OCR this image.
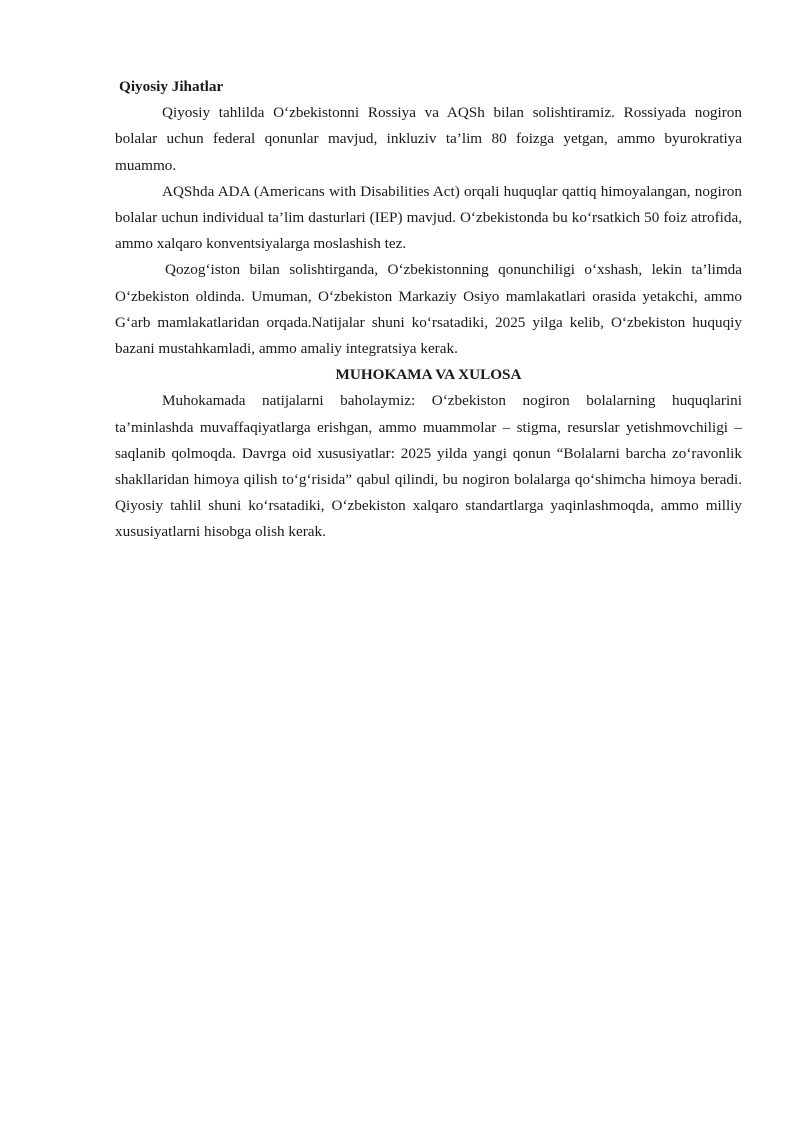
Qiyosiy Jihatlar

Qiyosiy tahlilda O‘zbekistonni Rossiya va AQSh bilan solishtiramiz. Rossiyada nogiron bolalar uchun federal qonunlar mavjud, inkluziv ta’lim 80 foizga yetgan, ammo byurokratiya muammo.

AQShda ADA (Americans with Disabilities Act) orqali huquqlar qattiq himoyalangan, nogiron bolalar uchun individual ta’lim dasturlari (IEP) mavjud. O‘zbekistonda bu ko‘rsatkich 50 foiz atrofida, ammo xalqaro konventsiyalarga moslashish tez.

Qozog‘iston bilan solishtirganda, O‘zbekistonning qonunchiligi o‘xshash, lekin ta’limda O‘zbekiston oldinda. Umuman, O‘zbekiston Markaziy Osiyo mamlakatlari orasida yetakchi, ammo G‘arb mamlakatlaridan orqada.Natijalar shuni ko‘rsatadiki, 2025 yilga kelib, O‘zbekiston huquqiy bazani mustahkamladi, ammo amaliy integratsiya kerak.

MUHOKAMA VA XULOSA

Muhokamada natijalarni baholaymiz: O‘zbekiston nogiron bolalarning huquqlarini ta’minlashda muvaffaqiyatlarga erishgan, ammo muammolar – stigma, resurslar yetishmovchiligi – saqlanib qolmoqda. Davrga oid xususiyatlar: 2025 yilda yangi qonun “Bolalarni barcha zo‘ravonlik shakllaridan himoya qilish to‘g‘risida” qabul qilindi, bu nogiron bolalarga qo‘shimcha himoya beradi. Qiyosiy tahlil shuni ko‘rsatadiki, O‘zbekiston xalqaro standartlarga yaqinlashmoqda, ammo milliy xususiyatlarni hisobga olish kerak.
